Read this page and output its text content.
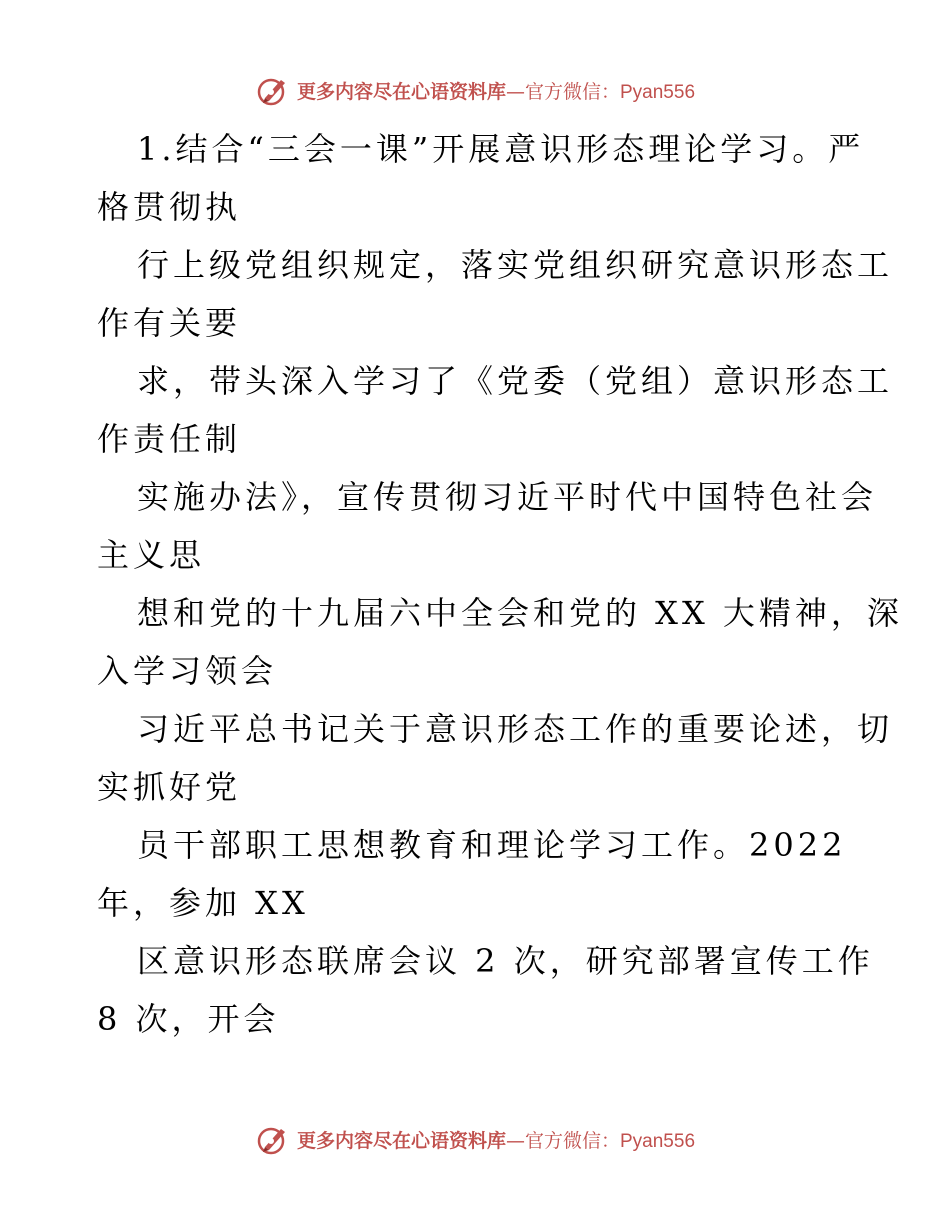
更多内容尽在心语资料库—官方微信：Pyan556
1.结合“三会一课”开展意识形态理论学习。严
格贯彻执
行上级党组织规定，落实党组织研究意识形态工
作有关要
求，带头深入学习了《党委（党组）意识形态工
作责任制
实施办法》，宣传贯彻习近平时代中国特色社会
主义思
想和党的十九届六中全会和党的 XX 大精神，深
入学习领会
习近平总书记关于意识形态工作的重要论述，切
实抓好党
员干部职工思想教育和理论学习工作。2022
年，参加 XX
区意识形态联席会议 2 次，研究部署宣传工作
8 次，开会
更多内容尽在心语资料库—官方微信：Pyan556
